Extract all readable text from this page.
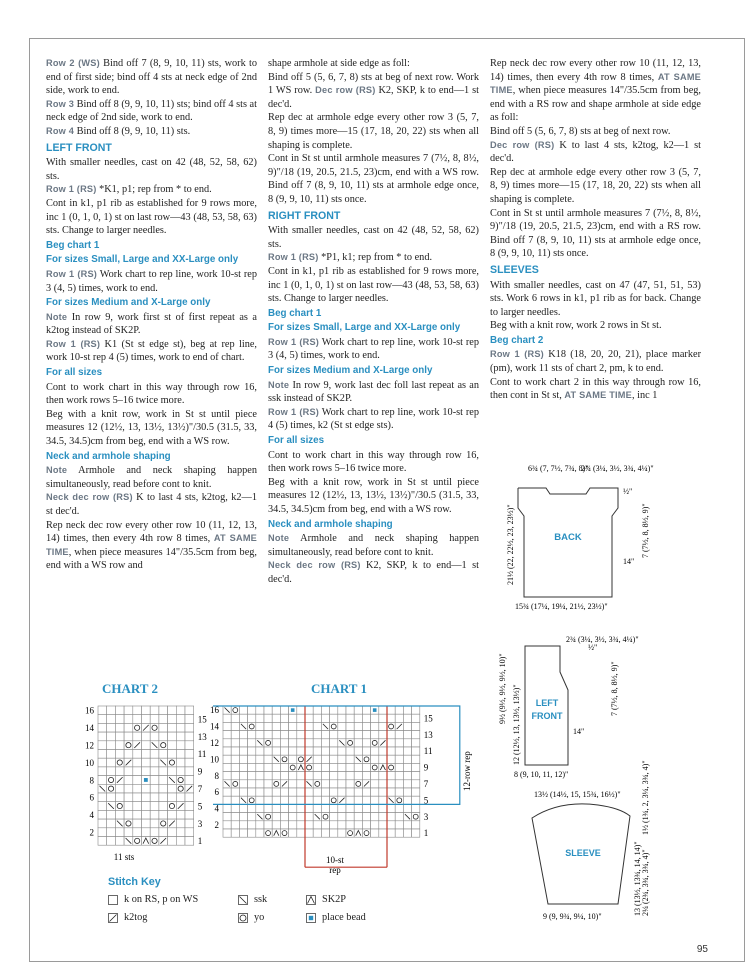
Row 2 (WS) Bind off 7 (8, 9, 10, 11) sts, work to end of first side; bind off 4 sts at neck edge of 2nd side, work to end.

Row 3 Bind off 8 (9, 9, 10, 11) sts; bind off 4 sts at neck edge of 2nd side, work to end.

Row 4 Bind off 8 (9, 9, 10, 11) sts.

LEFT FRONT

With smaller needles, cast on 42 (48, 52, 58, 62) sts.

Row 1 (RS) *K1, p1; rep from * to end.

Cont in k1, p1 rib as established for 9 rows more, inc 1 (0, 1, 0, 1) st on last row—43 (48, 53, 58, 63) sts. Change to larger needles.

Beg chart 1
For sizes Small, Large and XX-Large only

Row 1 (RS) Work chart to rep line, work 10-st rep 3 (4, 5) times, work to end.

For sizes Medium and X-Large only

Note In row 9, work first st of first repeat as a k2tog instead of SK2P.

Row 1 (RS) K1 (St st edge st), beg at rep line, work 10-st rep 4 (5) times, work to end of chart.

For all sizes

Cont to work chart in this way through row 16, then work rows 5–16 twice more.

Beg with a knit row, work in St st until piece measures 12 (12½, 13, 13½, 13½)"/30.5 (31.5, 33, 34.5, 34.5)cm from beg, end with a WS row.

Neck and armhole shaping

Note Armhole and neck shaping happen simultaneously, read before cont to knit.

Neck dec row (RS) K to last 4 sts, k2tog, k2—1 st dec'd.

Rep neck dec row every other row 10 (11, 12, 13, 14) times, then every 4th row 8 times, AT SAME TIME, when piece measures 14"/35.5cm from beg, end with a WS row and

shape armhole at side edge as foll:

Bind off 5 (5, 6, 7, 8) sts at beg of next row. Work 1 WS row. Dec row (RS) K2, SKP, k to end—1 st dec'd.

Rep dec at armhole edge every other row 3 (5, 7, 8, 9) times more—15 (17, 18, 20, 22) sts when all shaping is complete.

Cont in St st until armhole measures 7 (7½, 8, 8½, 9)"/18 (19, 20.5, 21.5, 23)cm, end with a WS row. Bind off 7 (8, 9, 10, 11) sts at armhole edge once, 8 (9, 9, 10, 11) sts once.

RIGHT FRONT

With smaller needles, cast on 42 (48, 52, 58, 62) sts.

Row 1 (RS) *P1, k1; rep from * to end.

Cont in k1, p1 rib as established for 9 rows more, inc 1 (0, 1, 0, 1) st on last row—43 (48, 53, 58, 63) sts. Change to larger needles.

Beg chart 1
For sizes Small, Large and XX-Large only

Row 1 (RS) Work chart to rep line, work 10-st rep 3 (4, 5) times, work to end.

For sizes Medium and X-Large only

Note In row 9, work last dec foll last repeat as an ssk instead of SK2P.

Row 1 (RS) Work chart to rep line, work 10-st rep 4 (5) times, k2 (St st edge sts).

For all sizes

Cont to work chart in this way through row 16, then work rows 5–16 twice more.

Beg with a knit row, work in St st until piece measures 12 (12½, 13, 13½, 13½)"/30.5 (31.5, 33, 34.5, 34.5)cm from beg, end with a WS row.

Neck and armhole shaping

Note Armhole and neck shaping happen simultaneously, read before cont to knit.

Neck dec row (RS) K2, SKP, k to end—1 st dec'd.

Rep neck dec row every other row 10 (11, 12, 13, 14) times, then every 4th row 8 times, AT SAME TIME, when piece measures 14"/35.5cm from beg, end with a RS row and shape armhole at side edge as foll:

Bind off 5 (5, 6, 7, 8) sts at beg of next row.

Dec row (RS) K to last 4 sts, k2tog, k2—1 st dec'd.

Rep dec at armhole edge every other row 3 (5, 7, 8, 9) times more—15 (17, 18, 20, 22) sts when all shaping is complete.

Cont in St st until armhole measures 7 (7½, 8, 8½, 9)"/18 (19, 20.5, 21.5, 23)cm, end with a RS row. Bind off 7 (8, 9, 10, 11) sts at armhole edge once, 8 (9, 9, 10, 11) sts once.

SLEEVES

With smaller needles, cast on 47 (47, 51, 51, 53) sts. Work 6 rows in k1, p1 rib as for back. Change to larger needles.

Beg with a knit row, work 2 rows in St st.

Beg chart 2

Row 1 (RS) K18 (18, 20, 20, 21), place marker (pm), work 11 sts of chart 2, pm, k to end.

Cont to work chart 2 in this way through row 16, then cont in St st, AT SAME TIME, inc 1

BACK
6¾ (7, 7½, 7¾, 8)"
2¾ (3¼, 3½, 3¾, 4¼)"
½"
14"
7 (7½, 8, 8½, 9)"
21½ (22, 22½, 23, 23½)"
15¾ (17¼, 19¼, 21½, 23½)"
LEFT
FRONT
2¾ (3¼, 3½, 3¾, 4¼)"
½"
14"
7 (7½, 8, 8½, 9)"
9½ (9½, 9½, 9½, 10)" 12 (12½, 13, 13½, 13½)"
8 (9, 10, 11, 12)"
SLEEVE
13½ (14½, 15, 15¾, 16½)"	1½ (1¾, 2, 3¼, 3¾, 4)"
2¼ (2¾, 3¾, 3¾, 4)"
13 (13½, 13¾, 14, 14)"
9 (9, 9¾, 9¼, 10)"
CHART 2	CHART 1
16
14
12
10
8
6
4
2
15
13
11
9
7
5
3
1
16
14
12
10
8
6
4
2
15
13
11
9
7
5
3
1
11 sts	10-st
rep
12-row rep
Stitch Key
k on RS, p on WS	ssk	SK2P
k2tog	yo	place bead
95
